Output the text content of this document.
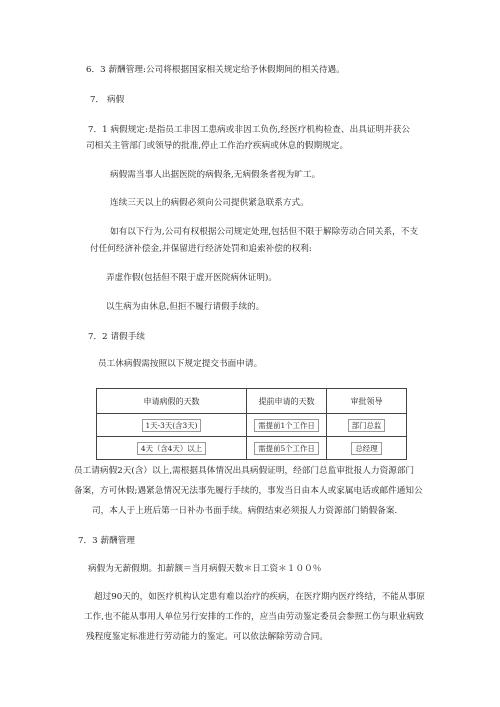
6．3 薪酬管理:公司将根据国家相关规定给予休假期间的相关待遇。
7． 病假
7．1 病假规定:是指员工非因工患病或非因工负伤,经医疗机构检查、出具证明并获公
司相关主管部门或领导的批准,停止工作治疗疾病或休息的假期规定。
病假需当事人出据医院的病假条,无病假条者视为旷工。
连续三天以上的病假必须向公司提供紧急联系方式。
如有以下行为,公司有权根据公司规定处理,包括但不限于解除劳动合同关系，不支
付任何经济补偿金,并保留进行经济处罚和追索补偿的权利:
弄虚作假(包括但不限于虚开医院病休证明)。
以生病为由休息,但拒不履行请假手续的。
7．2 请假手续
员工休病假需按照以下规定提交书面申请。
申请病假的天数	提前申请的天数	审批领导
1天-3天(含3天)	需提前1个工作日	部门总监
4天（含4天）以上	需提前5个工作日	总经理
员工请病假2天(含）以上,需根据具体情况出具病假证明，经部门总监审批报人力资源部门
备案，方可休假;遇紧急情况无法事先履行手续的，事发当日由本人或家属电话或邮件通知公
司，本人于上班后第一日补办书面手续。病假结束必须报人力资源部门销假备案．
7．3 薪酬管理
病假为无薪假期。扣薪额＝当月病假天数＊日工资＊１００％
超过90天的，如医疗机构认定患有难以治疗的疾病，在医疗期内医疗终结，不能从事原
工作,也不能从事用人单位另行安排的工作的，应当由劳动鉴定委员会参照工伤与职业病致
残程度鉴定标准进行劳动能力的鉴定。可以依法解除劳动合同。
